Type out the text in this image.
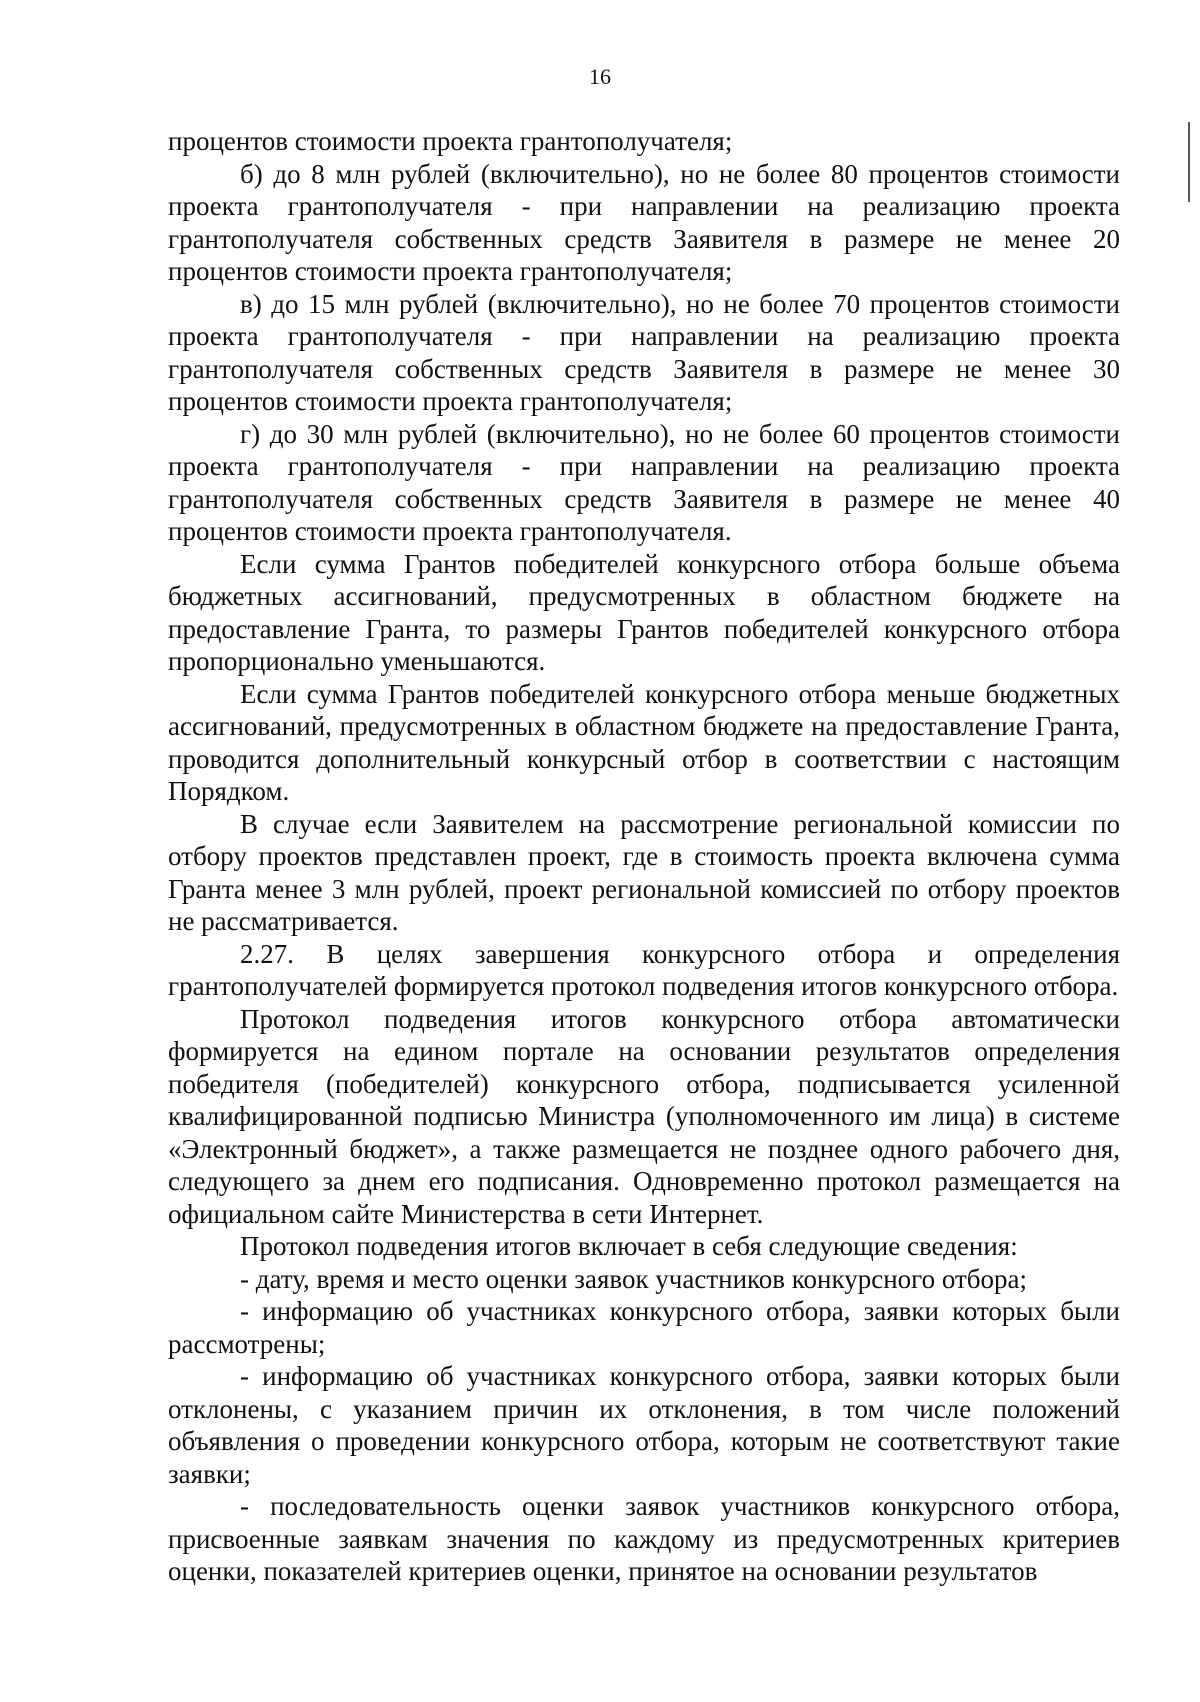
16

процентов стоимости проекта грантополучателя;

б) до 8 млн рублей (включительно), но не более 80 процентов стоимости проекта грантополучателя - при направлении на реализацию проекта грантополучателя собственных средств Заявителя в размере не менее 20 процентов стоимости проекта грантополучателя;

в) до 15 млн рублей (включительно), но не более 70 процентов стоимости проекта грантополучателя - при направлении на реализацию проекта грантополучателя собственных средств Заявителя в размере не менее 30 процентов стоимости проекта грантополучателя;

г) до 30 млн рублей (включительно), но не более 60 процентов стоимости проекта грантополучателя - при направлении на реализацию проекта грантополучателя собственных средств Заявителя в размере не менее 40 процентов стоимости проекта грантополучателя.

Если сумма Грантов победителей конкурсного отбора больше объема бюджетных ассигнований, предусмотренных в областном бюджете на предоставление Гранта, то размеры Грантов победителей конкурсного отбора пропорционально уменьшаются.

Если сумма Грантов победителей конкурсного отбора меньше бюджетных ассигнований, предусмотренных в областном бюджете на предоставление Гранта, проводится дополнительный конкурсный отбор в соответствии с настоящим Порядком.

В случае если Заявителем на рассмотрение региональной комиссии по отбору проектов представлен проект, где в стоимость проекта включена сумма Гранта менее 3 млн рублей, проект региональной комиссией по отбору проектов не рассматривается.

2.27. В целях завершения конкурсного отбора и определения грантополучателей формируется протокол подведения итогов конкурсного отбора.

Протокол подведения итогов конкурсного отбора автоматически формируется на едином портале на основании результатов определения победителя (победителей) конкурсного отбора, подписывается усиленной квалифицированной подписью Министра (уполномоченного им лица) в системе «Электронный бюджет», а также размещается не позднее одного рабочего дня, следующего за днем его подписания. Одновременно протокол размещается на официальном сайте Министерства в сети Интернет.

Протокол подведения итогов включает в себя следующие сведения:

- дату, время и место оценки заявок участников конкурсного отбора;

- информацию об участниках конкурсного отбора, заявки которых были рассмотрены;

- информацию об участниках конкурсного отбора, заявки которых были отклонены, с указанием причин их отклонения, в том числе положений объявления о проведении конкурсного отбора, которым не соответствуют такие заявки;

- последовательность оценки заявок участников конкурсного отбора, присвоенные заявкам значения по каждому из предусмотренных критериев оценки, показателей критериев оценки, принятое на основании результатов
